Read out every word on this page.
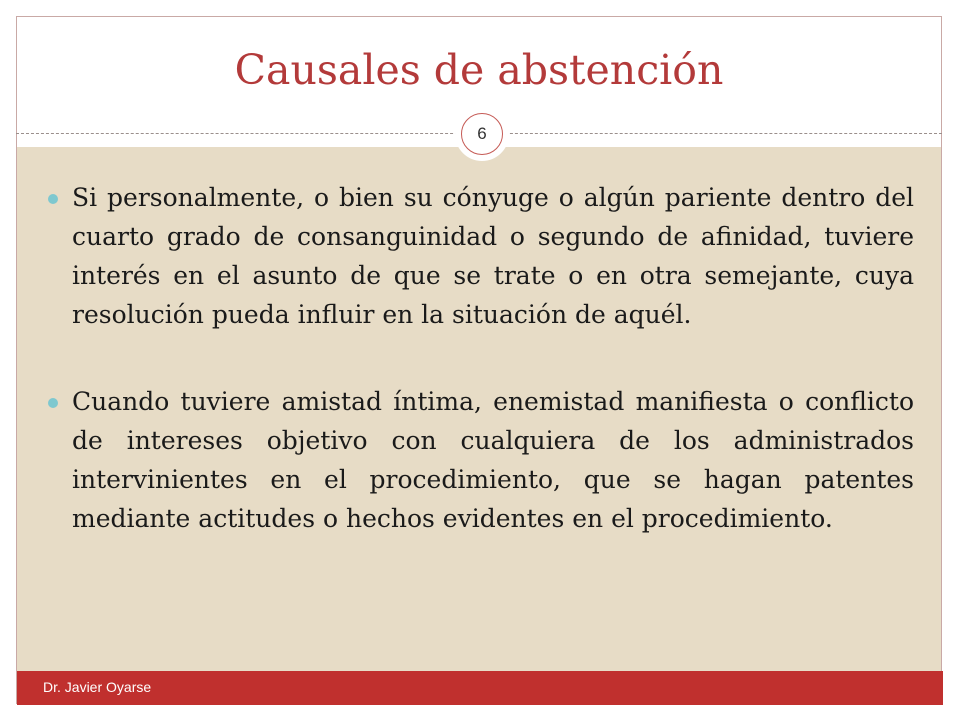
Causales de abstención
6
Si personalmente, o bien su cónyuge o algún pariente dentro del cuarto grado de consanguinidad o segundo de afinidad, tuviere interés en el asunto de que se trate o en otra semejante, cuya resolución pueda influir en la situación de aquél.
Cuando tuviere amistad íntima, enemistad manifiesta o conflicto de intereses objetivo con cualquiera de los administrados intervinientes en el procedimiento, que se hagan patentes mediante actitudes o hechos evidentes en el procedimiento.
Dr. Javier Oyarse
